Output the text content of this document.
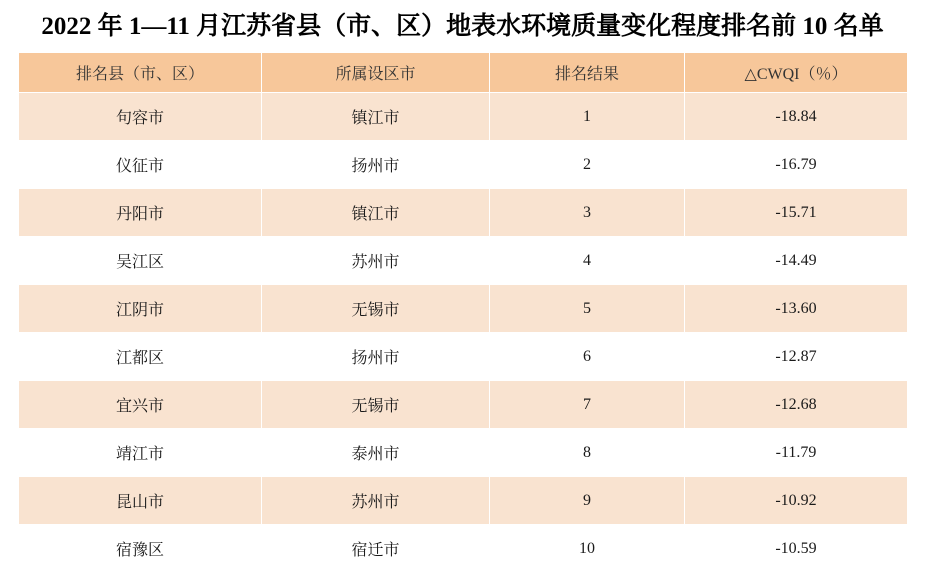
2022 年 1—11 月江苏省县（市、区）地表水环境质量变化程度排名前 10 名单
排名县（市、区）	所属设区市	排名结果	△CWQI（％）
句容市	镇江市	1	-18.84
仪征市	扬州市	2	-16.79
丹阳市	镇江市	3	-15.71
吴江区	苏州市	4	-14.49
江阴市	无锡市	5	-13.60
江都区	扬州市	6	-12.87
宜兴市	无锡市	7	-12.68
靖江市	泰州市	8	-11.79
昆山市	苏州市	9	-10.92
宿豫区	宿迁市	10	-10.59
